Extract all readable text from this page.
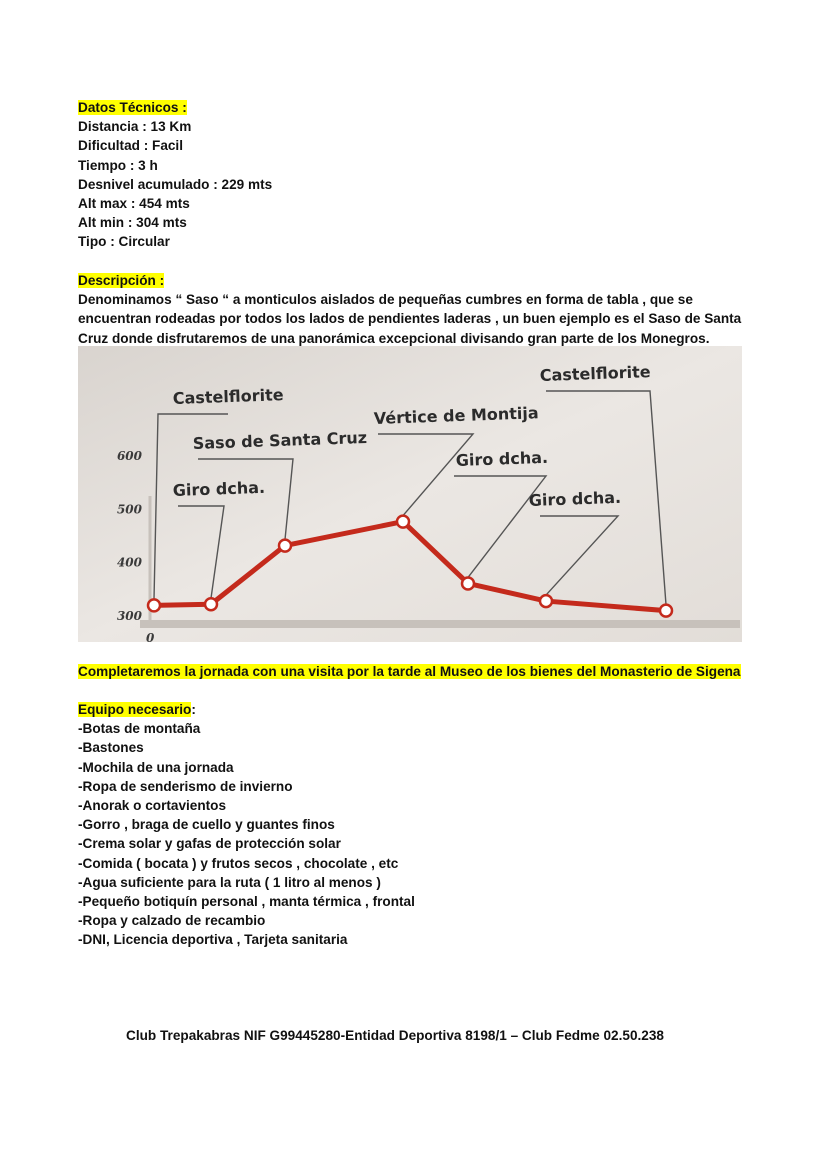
Datos Técnicos :
Distancia : 13 Km
Dificultad : Facil
Tiempo : 3 h
Desnivel acumulado : 229 mts
Alt max : 454 mts
Alt min : 304 mts
Tipo : Circular
Descripción :
Denominamos “ Saso “ a monticulos aislados de pequeñas cumbres en forma de tabla , que se encuentran rodeadas por todos los lados de pendientes laderas , un buen ejemplo es el Saso de Santa Cruz donde disfrutaremos de una panorámica excepcional divisando gran parte de los Monegros.
600
500
400
300
0
Castelflorite
Giro dcha.
Saso de Santa Cruz
Vértice de Montija
Giro dcha.
Giro dcha.
Castelflorite
Completaremos la jornada con una visita por la tarde al Museo de los bienes del Monasterio de Sigena
Equipo necesario:
-Botas de montaña
-Bastones
-Mochila de una jornada
-Ropa de senderismo de invierno
-Anorak o cortavientos
-Gorro , braga de cuello y guantes finos
-Crema solar y gafas de protección solar
-Comida ( bocata ) y frutos secos , chocolate , etc
-Agua suficiente para la ruta ( 1 litro al menos )
-Pequeño botiquín personal , manta térmica , frontal
-Ropa y calzado de recambio
-DNI, Licencia deportiva , Tarjeta sanitaria
Club Trepakabras NIF G99445280-Entidad Deportiva 8198/1 – Club Fedme 02.50.238
